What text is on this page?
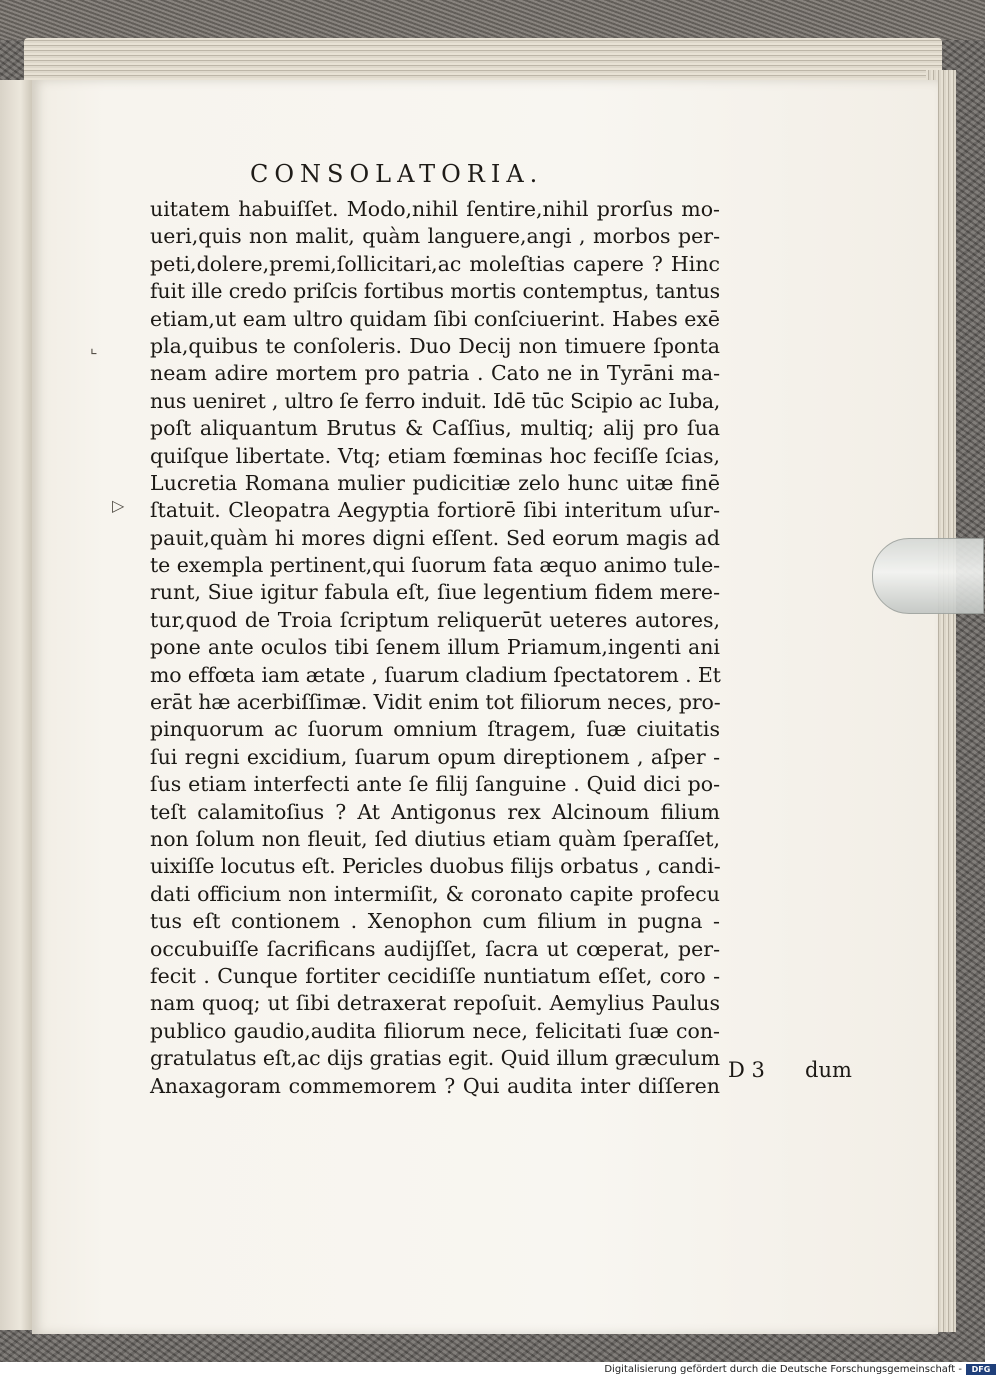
CONSOLATORIA.
⌞
▷
uitatem habuiſſet. Modo,nihil ſentire,nihil prorſus mo-
ueri,quis non malit, quàm languere,angi , morbos per-
peti,dolere,premi,ſollicitari,ac moleſtias capere ? Hinc
fuit ille credo priſcis fortibus mortis contemptus, tantus
etiam,ut eam ultro quidam ſibi conſciuerint. Habes exē
pla,quibus te conſoleris. Duo Decij non timuere ſponta
neam adire mortem pro patria . Cato ne in Tyrāni ma-
nus ueniret , ultro ſe ferro induit. Idē tūc Scipio ac Iuba,
poſt aliquantum Brutus & Caſſius, multiq; alij pro ſua
quiſque libertate. Vtq; etiam fœminas hoc feciſſe ſcias,
Lucretia Romana mulier pudicitiæ zelo hunc uitæ finē
ſtatuit. Cleopatra Aegyptia fortiorē ſibi interitum uſur-
pauit,quàm hi mores digni eſſent. Sed eorum magis ad
te exempla pertinent,qui ſuorum fata æquo animo tule-
runt, Siue igitur fabula eſt, ſiue legentium fidem mere-
tur,quod de Troia ſcriptum reliquerūt ueteres autores,
pone ante oculos tibi ſenem illum Priamum,ingenti ani
mo effœta iam ætate , ſuarum cladium ſpectatorem . Et
erāt hæ acerbiſſimæ. Vidit enim tot filiorum neces, pro-
pinquorum ac ſuorum omnium ſtragem, ſuæ ciuitatis
ſui regni excidium, ſuarum opum direptionem , aſper -
ſus etiam interfecti ante ſe filij ſanguine . Quid dici po-
teſt calamitoſius ? At Antigonus rex Alcinoum filium
non ſolum non fleuit, ſed diutius etiam quàm ſperaſſet,
uixiſſe locutus eſt. Pericles duobus filijs orbatus , candi-
dati officium non intermiſit, & coronato capite profecu
tus eſt contionem . Xenophon cum filium in pugna -
occubuiſſe ſacrificans audijſſet, ſacra ut cœperat, per-
fecit . Cunque fortiter cecidiſſe nuntiatum eſſet, coro -
nam quoq; ut ſibi detraxerat repoſuit. Aemylius Paulus
publico gaudio,audita filiorum nece, felicitati ſuæ con-
gratulatus eſt,ac dijs gratias egit. Quid illum græculum
Anaxagoram commemorem ? Qui audita inter diſſeren
D 3 dum
Digitalisierung gefördert durch die Deutsche Forschungsgemeinschaft -	DFG
